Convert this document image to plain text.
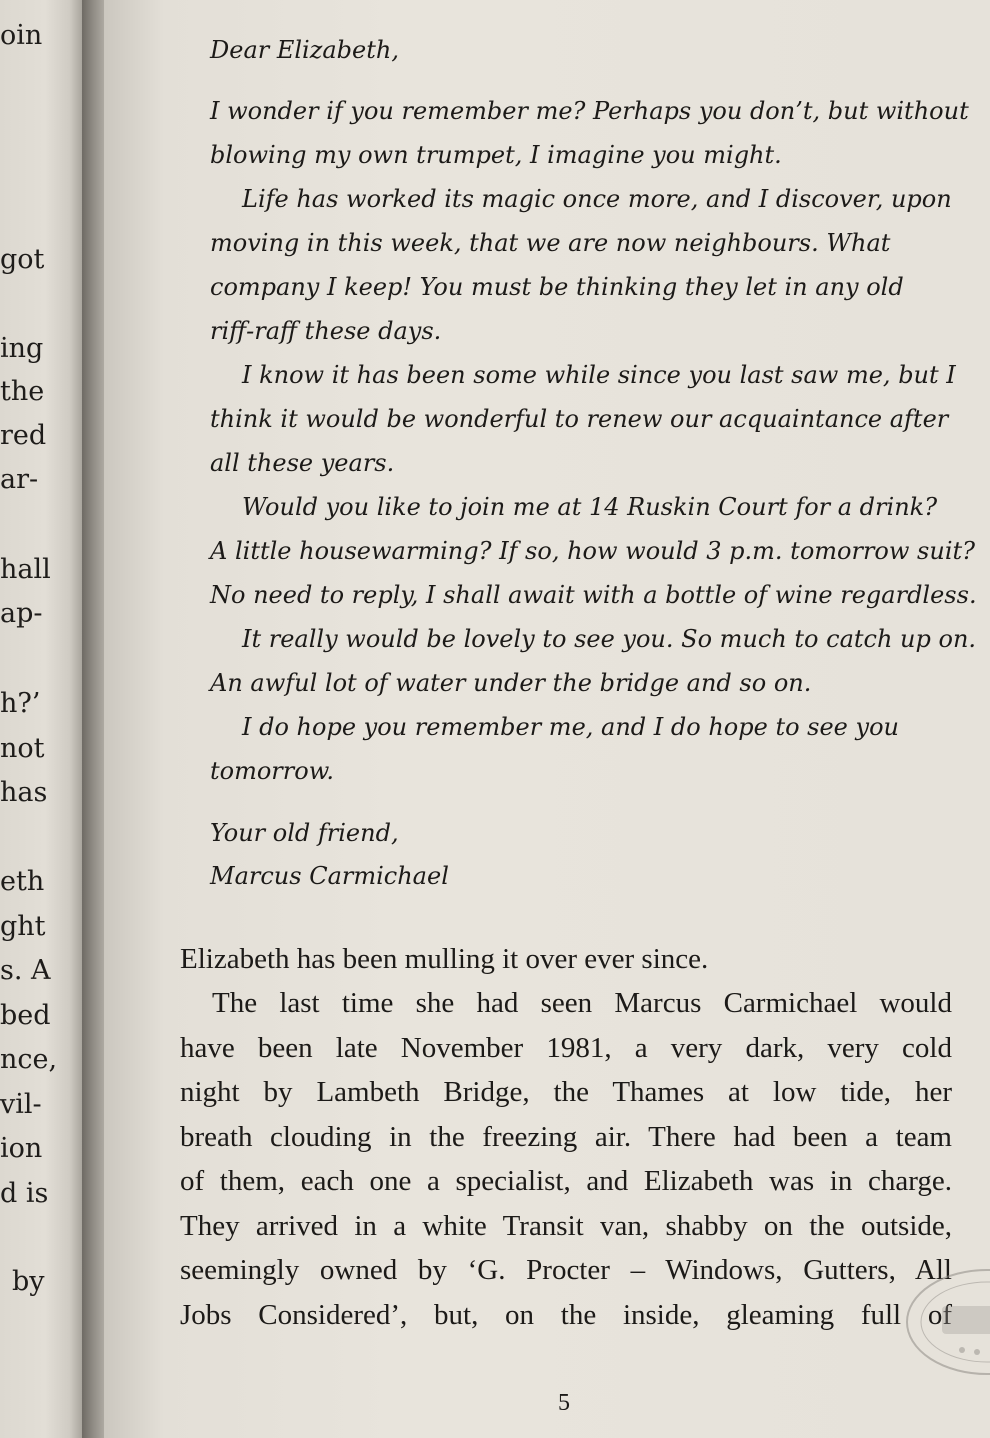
oin
got
ing
the
red
ar-
hall
ap-
h?’
not
has
eth
ght
s. A
bed
nce,
vil-
ion
d is
by
Dear Elizabeth,
I wonder if you remember me? Perhaps you don’t, but without
blowing my own trumpet, I imagine you might.
Life has worked its magic once more, and I discover, upon
moving in this week, that we are now neighbours. What
company I keep! You must be thinking they let in any old
riff-raff these days.
I know it has been some while since you last saw me, but I
think it would be wonderful to renew our acquaintance after
all these years.
Would you like to join me at 14 Ruskin Court for a drink?
A little housewarming? If so, how would 3 p.m. tomorrow suit?
No need to reply, I shall await with a bottle of wine regardless.
It really would be lovely to see you. So much to catch up on.
An awful lot of water under the bridge and so on.
I do hope you remember me, and I do hope to see you
tomorrow.
Your old friend,
Marcus Carmichael
Elizabeth has been mulling it over ever since.
The last time she had seen Marcus Carmichael would
have been late November 1981, a very dark, very cold
night by Lambeth Bridge, the Thames at low tide, her
breath clouding in the freezing air. There had been a team
of them, each one a specialist, and Elizabeth was in charge.
They arrived in a white Transit van, shabby on the outside,
seemingly owned by ‘G. Procter – Windows, Gutters, All
Jobs Considered’, but, on the inside, gleaming full of
5
